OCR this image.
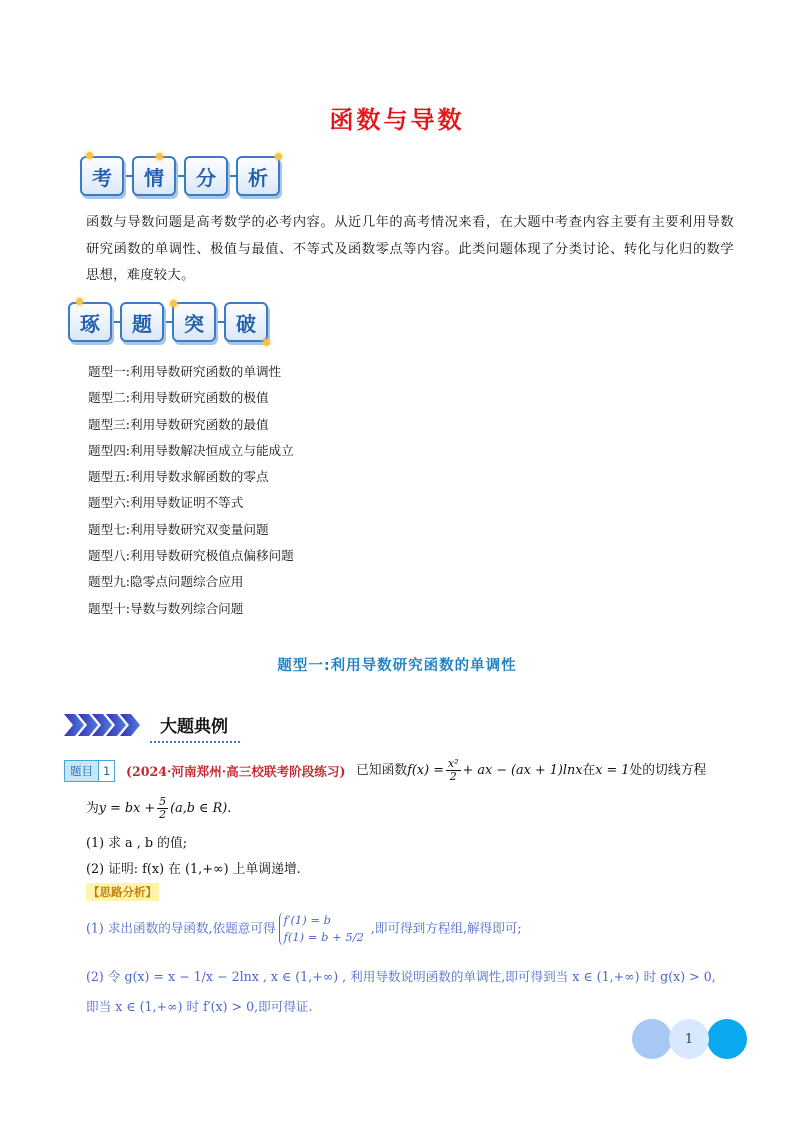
函数与导数
考 情 分 析
函数与导数问题是高考数学的必考内容。从近几年的高考情况来看，在大题中考查内容主要有主要利用导数研究函数的单调性、极值与最值、不等式及函数零点等内容。此类问题体现了分类讨论、转化与化归的数学思想，难度较大。
琢 题 突 破
题型一:利用导数研究函数的单调性
题型二:利用导数研究函数的极值
题型三:利用导数研究函数的最值
题型四:利用导数解决恒成立与能成立
题型五:利用导数求解函数的零点
题型六:利用导数证明不等式
题型七:利用导数研究双变量问题
题型八:利用导数研究极值点偏移问题
题型九:隐零点问题综合应用
题型十:导数与数列综合问题
题型一:利用导数研究函数的单调性
大题典例
题目 1	(2024·河南郑州·高三校联考阶段练习) 已知函数$f(x) = \frac{\text{x²}}{2}$ + ax − (ax + 1)lnx在x = 1处的切线方程
为y = bx + $\frac{5}{2} (a,b$ ∈ R).
(1) 求 a , b 的值;
(2) 证明: f(x) 在 (1,+∞) 上单调递增.
【思路分析】
(1) 求出函数的导函数,依题意可得
f′(1) = b
f(1) = b + 5/2
,即可得到方程组,解得即可;
(2) 令 g(x) = x − 1/x − 2lnx , x ∈ (1,+∞) , 利用导数说明函数的单调性,即可得到当 x ∈ (1,+∞) 时 g(x) > 0,
即当 x ∈ (1,+∞) 时 f′(x) > 0,即可得证.
1
